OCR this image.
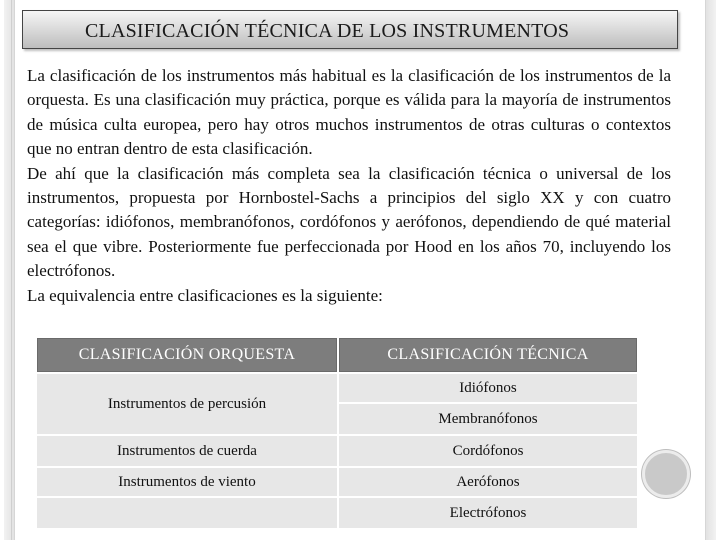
CLASIFICACIÓN TÉCNICA DE LOS INSTRUMENTOS

La clasificación de los instrumentos más habitual es la clasificación de los instrumentos de la orquesta. Es una clasificación muy práctica, porque es válida para la mayoría de instrumentos de música culta europea, pero hay otros muchos instrumentos de otras culturas o contextos que no entran dentro de esta clasificación.

De ahí que la clasificación más completa sea la clasificación técnica o universal de los instrumentos, propuesta por Hornbostel-Sachs a principios del siglo XX y con cuatro categorías: idiófonos, membranófonos, cordófonos y aerófonos, dependiendo de qué material sea el que vibre. Posteriormente fue perfeccionada por Hood en los años 70, incluyendo los electrófonos.

La equivalencia entre clasificaciones es la siguiente:

CLASIFICACIÓN ORQUESTA	CLASIFICACIÓN TÉCNICA
Instrumentos de percusión
Instrumentos de cuerda
Instrumentos de viento
Idiófonos
Membranófonos
Cordófonos
Aerófonos
Electrófonos
